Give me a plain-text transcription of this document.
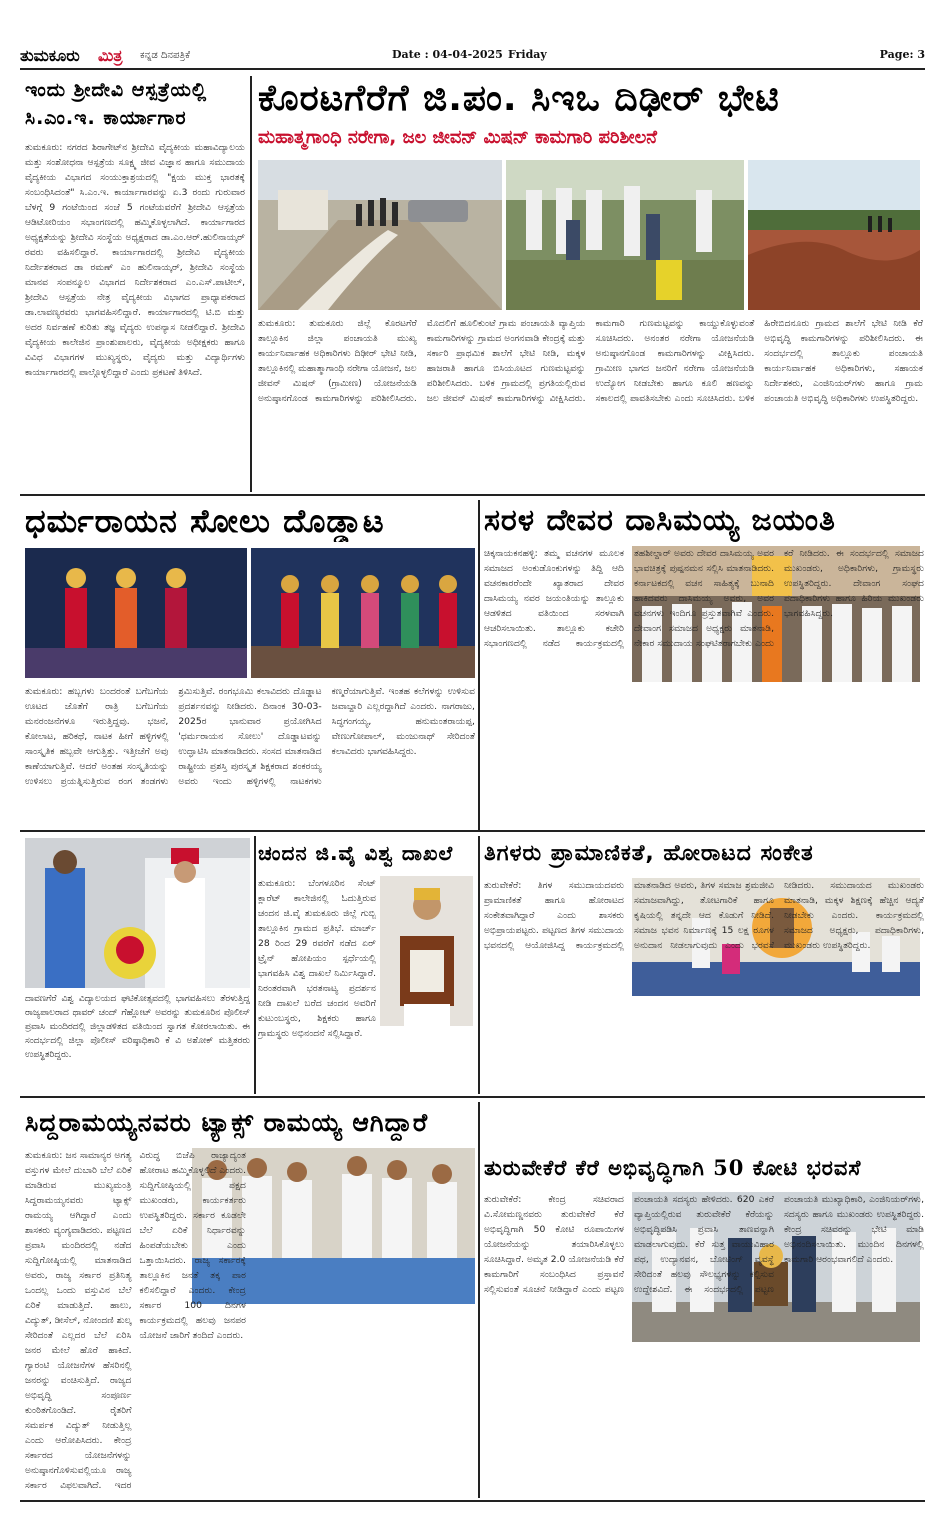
ತುಮಕೂರು ಮಿತ್ರ ಕನ್ನಡ ದಿನಪತ್ರಿಕೆ	Date : 04-04-2025 Friday	Page: 3
ಇಂದು ಶ್ರೀದೇವಿ ಆಸ್ಪತ್ರೆಯಲ್ಲಿ ಸಿ.ಎಂ.ಇ. ಕಾರ್ಯಾಗಾರ
ತುಮಕೂರು: ನಗರದ ಶಿರಾಗೇಟ್‌ನ ಶ್ರೀದೇವಿ ವೈದ್ಯಕೀಯ ಮಹಾವಿದ್ಯಾಲಯ ಮತ್ತು ಸಂಶೋಧನಾ ಆಸ್ಪತ್ರೆಯ ಸೂಕ್ಷ್ಮ ಜೀವ ವಿಜ್ಞಾನ ಹಾಗೂ ಸಮುದಾಯ ವೈದ್ಯಕೀಯ ವಿಭಾಗದ ಸಂಯುಕ್ತಾಶ್ರಯದಲ್ಲಿ "ಕ್ಷಯ ಮುಕ್ತ ಭಾರತಕ್ಕೆ ಸಂಬಂಧಿಸಿದಂತೆ" ಸಿ.ಎಂ.ಇ. ಕಾರ್ಯಾಗಾರವನ್ನು ಏ.3 ರಂದು ಗುರುವಾರ ಬೆಳಗ್ಗೆ 9 ಗಂಟೆಯಿಂದ ಸಂಜೆ 5 ಗಂಟೆಯವರೆಗೆ ಶ್ರೀದೇವಿ ಆಸ್ಪತ್ರೆಯ ಆಡಿಟೋರಿಯಂ ಸಭಾಂಗಣದಲ್ಲಿ ಹಮ್ಮಿಕೊಳ್ಳಲಾಗಿದೆ. ಕಾರ್ಯಾಗಾರದ ಅಧ್ಯಕ್ಷತೆಯನ್ನು ಶ್ರೀದೇವಿ ಸಂಸ್ಥೆಯ ಅಧ್ಯಕ್ಷರಾದ ಡಾ.ಎಂ.ಆರ್.ಹುಲಿನಾಯ್ಕರ್ ರವರು ವಹಿಸಲಿದ್ದಾರೆ. ಕಾರ್ಯಾಗಾರದಲ್ಲಿ ಶ್ರೀದೇವಿ ವೈದ್ಯಕೀಯ ನಿರ್ದೇಶಕರಾದ ಡಾ ರಮಣ್ ಎಂ ಹುಲಿನಾಯ್ಕರ್, ಶ್ರೀದೇವಿ ಸಂಸ್ಥೆಯ ಮಾನವ ಸಂಪನ್ಮೂಲ ವಿಭಾಗದ ನಿರ್ದೇಶಕರಾದ ಎಂ.ಎಸ್.ಪಾಟೀಲ್, ಶ್ರೀದೇವಿ ಆಸ್ಪತ್ರೆಯ ನೇತ್ರ ವೈದ್ಯಕೀಯ ವಿಭಾಗದ ಪ್ರಾಧ್ಯಾಪಕರಾದ ಡಾ.ಲಾವಣ್ಯರವರು ಭಾಗವಹಿಸಲಿದ್ದಾರೆ. ಕಾರ್ಯಾಗಾರದಲ್ಲಿ ಟಿ.ಬಿ ಮತ್ತು ಅದರ ನಿರ್ವಹಣೆ ಕುರಿತು ತಜ್ಞ ವೈದ್ಯರು ಉಪನ್ಯಾಸ ನೀಡಲಿದ್ದಾರೆ. ಶ್ರೀದೇವಿ ವೈದ್ಯಕೀಯ ಕಾಲೇಜಿನ ಪ್ರಾಂಶುಪಾಲರು, ವೈದ್ಯಕೀಯ ಅಧೀಕ್ಷಕರು ಹಾಗೂ ವಿವಿಧ ವಿಭಾಗಗಳ ಮುಖ್ಯಸ್ಥರು, ವೈದ್ಯರು ಮತ್ತು ವಿದ್ಯಾರ್ಥಿಗಳು ಕಾರ್ಯಾಗಾರದಲ್ಲಿ ಪಾಲ್ಗೊಳ್ಳಲಿದ್ದಾರೆ ಎಂದು ಪ್ರಕಟಣೆ ತಿಳಿಸಿದೆ.
ಕೊರಟಗೆರೆಗೆ ಜಿ.ಪಂ. ಸಿಇಒ ದಿಢೀರ್ ಭೇಟಿ
ಮಹಾತ್ಮಗಾಂಧಿ ನರೇಗಾ, ಜಲ ಜೀವನ್ ಮಿಷನ್ ಕಾಮಗಾರಿ ಪರಿಶೀಲನೆ
ತುಮಕೂರು: ತುಮಕೂರು ಜಿಲ್ಲೆ ಕೊರಟಗೆರೆ ತಾಲ್ಲೂಕಿನ ಜಿಲ್ಲಾ ಪಂಚಾಯತಿ ಮುಖ್ಯ ಕಾರ್ಯನಿರ್ವಾಹಕ ಅಧಿಕಾರಿಗಳು ದಿಢೀರ್ ಭೇಟಿ ನೀಡಿ, ತಾಲ್ಲೂಕಿನಲ್ಲಿ ಮಹಾತ್ಮಾಗಾಂಧಿ ನರೇಗಾ ಯೋಜನೆ, ಜಲ ಜೀವನ್ ಮಿಷನ್ (ಗ್ರಾಮೀಣ) ಯೋಜನೆಯಡಿ ಅನುಷ್ಠಾನಗೊಂಡ ಕಾಮಗಾರಿಗಳನ್ನು ಪರಿಶೀಲಿಸಿದರು. ಮೊದಲಿಗೆ ಹೂಲಿಕುಂಟೆ ಗ್ರಾಮ ಪಂಚಾಯತಿ ವ್ಯಾಪ್ತಿಯ ಕಾಮಗಾರಿಗಳನ್ನು ಗ್ರಾಮದ ಅಂಗನವಾಡಿ ಕೇಂದ್ರಕ್ಕೆ ಮತ್ತು ಸರ್ಕಾರಿ ಪ್ರಾಥಮಿಕ ಶಾಲೆಗೆ ಭೇಟಿ ನೀಡಿ, ಮಕ್ಕಳ ಹಾಜರಾತಿ ಹಾಗೂ ಬಿಸಿಯೂಟದ ಗುಣಮಟ್ಟವನ್ನು ಪರಿಶೀಲಿಸಿದರು. ಬಳಿಕ ಗ್ರಾಮದಲ್ಲಿ ಪ್ರಗತಿಯಲ್ಲಿರುವ ಜಲ ಜೀವನ್ ಮಿಷನ್ ಕಾಮಗಾರಿಗಳನ್ನು ವೀಕ್ಷಿಸಿದರು. ಕಾಮಗಾರಿ ಗುಣಮಟ್ಟವನ್ನು ಕಾಯ್ದುಕೊಳ್ಳುವಂತೆ ಸೂಚಿಸಿದರು. ಅನಂತರ ನರೇಗಾ ಯೋಜನೆಯಡಿ ಅನುಷ್ಠಾನಗೊಂಡ ಕಾಮಗಾರಿಗಳನ್ನು ವೀಕ್ಷಿಸಿದರು. ಗ್ರಾಮೀಣ ಭಾಗದ ಜನರಿಗೆ ನರೇಗಾ ಯೋಜನೆಯಡಿ ಉದ್ಯೋಗ ನೀಡಬೇಕು ಹಾಗೂ ಕೂಲಿ ಹಣವನ್ನು ಸಕಾಲದಲ್ಲಿ ಪಾವತಿಸಬೇಕು ಎಂದು ಸೂಚಿಸಿದರು. ಬಳಿಕ ಹಿರೇಬಿದನೂರು ಗ್ರಾಮದ ಶಾಲೆಗೆ ಭೇಟಿ ನೀಡಿ ಕೆರೆ ಅಭಿವೃದ್ಧಿ ಕಾಮಗಾರಿಗಳನ್ನು ಪರಿಶೀಲಿಸಿದರು. ಈ ಸಂದರ್ಭದಲ್ಲಿ ತಾಲ್ಲೂಕು ಪಂಚಾಯತಿ ಕಾರ್ಯನಿರ್ವಾಹಕ ಅಧಿಕಾರಿಗಳು, ಸಹಾಯಕ ನಿರ್ದೇಶಕರು, ಎಂಜಿನಿಯರ್‌ಗಳು ಹಾಗೂ ಗ್ರಾಮ ಪಂಚಾಯತಿ ಅಭಿವೃದ್ಧಿ ಅಧಿಕಾರಿಗಳು ಉಪಸ್ಥಿತರಿದ್ದರು.
ಧರ್ಮರಾಯನ ಸೋಲು ದೊಡ್ಡಾಟ
ತುಮಕೂರು: ಹಬ್ಬಗಳು ಬಂದರಂತೆ ಬಗೆಬಗೆಯ ಊಟದ ಜೊತೆಗೆ ರಾತ್ರಿ ಬಗೆಬಗೆಯ ಮನರಂಜನೆಗಳೂ ಇರುತ್ತಿದ್ದವು. ಭಜನೆ, ಕೋಲಾಟ, ಹರಿಕಥೆ, ನಾಟಕ ಹೀಗೆ ಹಳ್ಳಿಗಳಲ್ಲಿ ಸಾಂಸ್ಕೃತಿಕ ಹಬ್ಬವೇ ಆಗುತ್ತಿತ್ತು. ಇತ್ತೀಚೆಗೆ ಅವು ಕಾಣೆಯಾಗುತ್ತಿವೆ. ಆದರೆ ಅಂತಹ ಸಂಸ್ಕೃತಿಯನ್ನು ಉಳಿಸಲು ಪ್ರಯತ್ನಿಸುತ್ತಿರುವ ರಂಗ ತಂಡಗಳು ಶ್ರಮಿಸುತ್ತಿವೆ. ರಂಗಭೂಮಿ ಕಲಾವಿದರು ದೊಡ್ಡಾಟ ಪ್ರದರ್ಶನವನ್ನು ನೀಡಿದರು. ದಿನಾಂಕ 30-03-2025ರ ಭಾನುವಾರ ಪ್ರಯೋಗಿಸಿದ 'ಧರ್ಮರಾಯನ ಸೋಲು' ದೊಡ್ಡಾಟವನ್ನು ಉದ್ಘಾಟಿಸಿ ಮಾತನಾಡಿದರು. ಸಂಸದ ಮಾತನಾಡಿದ ರಾಷ್ಟ್ರೀಯ ಪ್ರಶಸ್ತಿ ಪುರಸ್ಕೃತ ಶಿಕ್ಷಕರಾದ ಶಂಕರಯ್ಯ ಅವರು ಇಂದು ಹಳ್ಳಿಗಳಲ್ಲಿ ನಾಟಕಗಳು ಕಣ್ಮರೆಯಾಗುತ್ತಿವೆ. ಇಂತಹ ಕಲೆಗಳನ್ನು ಉಳಿಸುವ ಜವಾಬ್ದಾರಿ ಎಲ್ಲರದ್ದಾಗಿದೆ ಎಂದರು. ನಾಗರಾಜು, ಸಿದ್ಧಗಂಗಯ್ಯ, ಹನುಮಂತರಾಯಪ್ಪ, ವೇಣುಗೋಪಾಲ್, ಮಂಜುನಾಥ್ ಸೇರಿದಂತೆ ಕಲಾವಿದರು ಭಾಗವಹಿಸಿದ್ದರು.
ಸರಳ ದೇವರ ದಾಸಿಮಯ್ಯ ಜಯಂತಿ
ಚಿಕ್ಕನಾಯಕನಹಳ್ಳಿ: ತಮ್ಮ ವಚನಗಳ ಮೂಲಕ ಸಮಾಜದ ಅಂಕುಡೊಂಕುಗಳನ್ನು ತಿದ್ದಿ ಆದಿ ವಚನಕಾರರೆಂದೇ ಖ್ಯಾತರಾದ ದೇವರ ದಾಸಿಮಯ್ಯ ನವರ ಜಯಂತಿಯನ್ನು ತಾಲ್ಲೂಕು ಆಡಳಿತದ ವತಿಯಿಂದ ಸರಳವಾಗಿ ಆಚರಿಸಲಾಯಿತು. ತಾಲ್ಲೂಕು ಕಚೇರಿ ಸಭಾಂಗಣದಲ್ಲಿ ನಡೆದ ಕಾರ್ಯಕ್ರಮದಲ್ಲಿ ತಹಶೀಲ್ದಾರ್ ಅವರು ದೇವರ ದಾಸಿಮಯ್ಯ ಅವರ ಭಾವಚಿತ್ರಕ್ಕೆ ಪುಷ್ಪನಮನ ಸಲ್ಲಿಸಿ ಮಾತನಾಡಿದರು. ಕರ್ನಾಟಕದಲ್ಲಿ ವಚನ ಸಾಹಿತ್ಯಕ್ಕೆ ಬುನಾದಿ ಹಾಕಿದವರು ದಾಸಿಮಯ್ಯ ಅವರು, ಅವರ ವಚನಗಳು ಇಂದಿಗೂ ಪ್ರಸ್ತುತವಾಗಿವೆ ಎಂದರು. ದೇವಾಂಗ ಸಮಾಜದ ಅಧ್ಯಕ್ಷರು ಮಾತನಾಡಿ, ನೇಕಾರ ಸಮುದಾಯ ಸಂಘಟಿತರಾಗಬೇಕು ಎಂದು ಕರೆ ನೀಡಿದರು. ಈ ಸಂದರ್ಭದಲ್ಲಿ ಸಮಾಜದ ಮುಖಂಡರು, ಅಧಿಕಾರಿಗಳು, ಗ್ರಾಮಸ್ಥರು ಉಪಸ್ಥಿತರಿದ್ದರು. ದೇವಾಂಗ ಸಂಘದ ಪದಾಧಿಕಾರಿಗಳು ಹಾಗೂ ಹಿರಿಯ ಮುಖಂಡರು ಭಾಗವಹಿಸಿದ್ದರು.
ದಾವಣಗೆರೆ ವಿಶ್ವ ವಿದ್ಯಾಲಯದ ಘಟಿಕೋತ್ಸವದಲ್ಲಿ ಭಾಗವಹಿಸಲು ತೆರಳುತ್ತಿದ್ದ ರಾಜ್ಯಪಾಲರಾದ ಥಾವರ್ ಚಂದ್ ಗೆಹ್ಲೋಟ್ ಅವರನ್ನು ತುಮಕೂರಿನ ಪೊಲೀಸ್ ಪ್ರವಾಸಿ ಮಂದಿರದಲ್ಲಿ ಜಿಲ್ಲಾಡಳಿತದ ವತಿಯಿಂದ ಸ್ವಾಗತ ಕೋರಲಾಯಿತು. ಈ ಸಂದರ್ಭದಲ್ಲಿ ಜಿಲ್ಲಾ ಪೊಲೀಸ್ ವರಿಷ್ಠಾಧಿಕಾರಿ ಕೆ ವಿ ಅಶೋಕ್ ಮತ್ತಿತರರು ಉಪಸ್ಥಿತರಿದ್ದರು.
ಚಂದನ ಜಿ.ವೈ ವಿಶ್ವ ದಾಖಲೆ
ತುಮಕೂರು: ಬೆಂಗಳೂರಿನ ಸೆಂಟ್ ಕ್ಲಾರೆಟ್ ಕಾಲೇಜಿನಲ್ಲಿ ಓದುತ್ತಿರುವ ಚಂದನ ಜಿ.ವೈ ತುಮಕೂರು ಜಿಲ್ಲೆ ಗುಬ್ಬಿ ತಾಲ್ಲೂಕಿನ ಗ್ರಾಮದ ಪ್ರತಿಭೆ. ಮಾರ್ಚ್ 28 ರಿಂದ 29 ರವರೆಗೆ ನಡೆದ ಏರ್ ಟ್ರೈನ್ ಹೋಪಿಯಂ ಸ್ಪರ್ಧೆಯಲ್ಲಿ ಭಾಗವಹಿಸಿ ವಿಶ್ವ ದಾಖಲೆ ನಿರ್ಮಿಸಿದ್ದಾರೆ. ನಿರಂತರವಾಗಿ ಭರತನಾಟ್ಯ ಪ್ರದರ್ಶನ ನೀಡಿ ದಾಖಲೆ ಬರೆದ ಚಂದನ ಅವರಿಗೆ ಕುಟುಂಬಸ್ಥರು, ಶಿಕ್ಷಕರು ಹಾಗೂ ಗ್ರಾಮಸ್ಥರು ಅಭಿನಂದನೆ ಸಲ್ಲಿಸಿದ್ದಾರೆ.
ತಿಗಳರು ಪ್ರಾಮಾಣಿಕತೆ, ಹೋರಾಟದ ಸಂಕೇತ
ತುರುವೇಕೆರೆ: ತಿಗಳ ಸಮುದಾಯದವರು ಪ್ರಾಮಾಣಿಕತೆ ಹಾಗೂ ಹೋರಾಟದ ಸಂಕೇತವಾಗಿದ್ದಾರೆ ಎಂದು ಶಾಸಕರು ಅಭಿಪ್ರಾಯಪಟ್ಟರು. ಪಟ್ಟಣದ ತಿಗಳ ಸಮುದಾಯ ಭವನದಲ್ಲಿ ಆಯೋಜಿಸಿದ್ದ ಕಾರ್ಯಕ್ರಮದಲ್ಲಿ ಮಾತನಾಡಿದ ಅವರು, ತಿಗಳ ಸಮಾಜ ಶ್ರಮಜೀವಿ ಸಮಾಜವಾಗಿದ್ದು, ತೋಟಗಾರಿಕೆ ಹಾಗೂ ಕೃಷಿಯಲ್ಲಿ ತನ್ನದೇ ಆದ ಕೊಡುಗೆ ನೀಡಿದೆ. ಸಮಾಜ ಭವನ ನಿರ್ಮಾಣಕ್ಕೆ 15 ಲಕ್ಷ ರೂಗಳ ಅನುದಾನ ನೀಡಲಾಗುವುದು ಎಂದು ಭರವಸೆ ನೀಡಿದರು. ಸಮುದಾಯದ ಮುಖಂಡರು ಮಾತನಾಡಿ, ಮಕ್ಕಳ ಶಿಕ್ಷಣಕ್ಕೆ ಹೆಚ್ಚಿನ ಆದ್ಯತೆ ನೀಡಬೇಕು ಎಂದರು. ಕಾರ್ಯಕ್ರಮದಲ್ಲಿ ಸಮಾಜದ ಅಧ್ಯಕ್ಷರು, ಪದಾಧಿಕಾರಿಗಳು, ಮುಖಂಡರು ಉಪಸ್ಥಿತರಿದ್ದರು.
ಸಿದ್ದರಾಮಯ್ಯನವರು ಟ್ಯಾಕ್ಸ್ ರಾಮಯ್ಯ ಆಗಿದ್ದಾರೆ
ತುಮಕೂರು: ಜನ ಸಾಮಾನ್ಯರ ಅಗತ್ಯ ವಸ್ತುಗಳ ಮೇಲೆ ದುಬಾರಿ ಬೆಲೆ ಏರಿಕೆ ಮಾಡಿರುವ ಮುಖ್ಯಮಂತ್ರಿ ಸಿದ್ದರಾಮಯ್ಯನವರು ಟ್ಯಾಕ್ಸ್ ರಾಮಯ್ಯ ಆಗಿದ್ದಾರೆ ಎಂದು ಶಾಸಕರು ವ್ಯಂಗ್ಯವಾಡಿದರು. ಪಟ್ಟಣದ ಪ್ರವಾಸಿ ಮಂದಿರದಲ್ಲಿ ನಡೆದ ಸುದ್ದಿಗೋಷ್ಠಿಯಲ್ಲಿ ಮಾತನಾಡಿದ ಅವರು, ರಾಜ್ಯ ಸರ್ಕಾರ ಪ್ರತಿನಿತ್ಯ ಒಂದಲ್ಲ ಒಂದು ವಸ್ತುವಿನ ಬೆಲೆ ಏರಿಕೆ ಮಾಡುತ್ತಿದೆ. ಹಾಲು, ವಿದ್ಯುತ್, ಡೀಸೆಲ್, ನೋಂದಣಿ ಶುಲ್ಕ ಸೇರಿದಂತೆ ಎಲ್ಲದರ ಬೆಲೆ ಏರಿಸಿ ಜನರ ಮೇಲೆ ಹೊರೆ ಹಾಕಿದೆ. ಗ್ಯಾರಂಟಿ ಯೋಜನೆಗಳ ಹೆಸರಿನಲ್ಲಿ ಜನರನ್ನು ವಂಚಿಸುತ್ತಿದೆ. ರಾಜ್ಯದ ಅಭಿವೃದ್ಧಿ ಸಂಪೂರ್ಣ ಕುಂಠಿತಗೊಂಡಿದೆ. ರೈತರಿಗೆ ಸಮರ್ಪಕ ವಿದ್ಯುತ್ ನೀಡುತ್ತಿಲ್ಲ ಎಂದು ಆರೋಪಿಸಿದರು. ಕೇಂದ್ರ ಸರ್ಕಾರದ ಯೋಜನೆಗಳನ್ನು ಅನುಷ್ಠಾನಗೊಳಿಸುವಲ್ಲಿಯೂ ರಾಜ್ಯ ಸರ್ಕಾರ ವಿಫಲವಾಗಿದೆ. ಇದರ ವಿರುದ್ಧ ಬಿಜೆಪಿ ರಾಜ್ಯಾದ್ಯಂತ ಹೋರಾಟ ಹಮ್ಮಿಕೊಳ್ಳಲಿದೆ ಎಂದರು. ಸುದ್ದಿಗೋಷ್ಠಿಯಲ್ಲಿ ಪಕ್ಷದ ಮುಖಂಡರು, ಕಾರ್ಯಕರ್ತರು ಉಪಸ್ಥಿತರಿದ್ದರು. ಸರ್ಕಾರ ಕೂಡಲೇ ಬೆಲೆ ಏರಿಕೆ ನಿರ್ಧಾರವನ್ನು ಹಿಂಪಡೆಯಬೇಕು ಎಂದು ಒತ್ತಾಯಿಸಿದರು. ರಾಜ್ಯ ಸರ್ಕಾರಕ್ಕೆ ತಾಲ್ಲೂಕಿನ ಜನತೆ ತಕ್ಕ ಪಾಠ ಕಲಿಸಲಿದ್ದಾರೆ ಎಂದರು. ಕೇಂದ್ರ ಸರ್ಕಾರ 100 ದಿನಗಳ ಕಾರ್ಯಕ್ರಮದಲ್ಲಿ ಹಲವು ಜನಪರ ಯೋಜನೆ ಜಾರಿಗೆ ತಂದಿದೆ ಎಂದರು.
ತುರುವೇಕೆರೆ ಕೆರೆ ಅಭಿವೃದ್ಧಿಗಾಗಿ 50 ಕೋಟಿ ಭರವಸೆ
ತುರುವೇಕೆರೆ: ಕೇಂದ್ರ ಸಚಿವರಾದ ವಿ.ಸೋಮಣ್ಣನವರು ತುರುವೇಕೆರೆ ಕೆರೆ ಅಭಿವೃದ್ಧಿಗಾಗಿ 50 ಕೋಟಿ ರೂಪಾಯಿಗಳ ಯೋಜನೆಯನ್ನು ತಯಾರಿಸಿಕೊಳ್ಳಲು ಸೂಚಿಸಿದ್ದಾರೆ. ಅಮೃತ 2.0 ಯೋಜನೆಯಡಿ ಕೆರೆ ಕಾಮಗಾರಿಗೆ ಸಂಬಂಧಿಸಿದ ಪ್ರಸ್ತಾವನೆ ಸಲ್ಲಿಸುವಂತೆ ಸೂಚನೆ ನೀಡಿದ್ದಾರೆ ಎಂದು ಪಟ್ಟಣ ಪಂಚಾಯತಿ ಸದಸ್ಯರು ಹೇಳಿದರು. 620 ಎಕರೆ ವ್ಯಾಪ್ತಿಯಲ್ಲಿರುವ ತುರುವೇಕೆರೆ ಕೆರೆಯನ್ನು ಅಭಿವೃದ್ಧಿಪಡಿಸಿ ಪ್ರವಾಸಿ ತಾಣವನ್ನಾಗಿ ಮಾಡಲಾಗುವುದು. ಕೆರೆ ಸುತ್ತ ವಾಯುವಿಹಾರ ಪಥ, ಉದ್ಯಾನವನ, ಬೋಟಿಂಗ್ ವ್ಯವಸ್ಥೆ ಸೇರಿದಂತೆ ಹಲವು ಸೌಲಭ್ಯಗಳನ್ನು ಕಲ್ಪಿಸುವ ಉದ್ದೇಶವಿದೆ. ಈ ಸಂದರ್ಭದಲ್ಲಿ ಪಟ್ಟಣ ಪಂಚಾಯತಿ ಮುಖ್ಯಾಧಿಕಾರಿ, ಎಂಜಿನಿಯರ್‌ಗಳು, ಸದಸ್ಯರು ಹಾಗೂ ಮುಖಂಡರು ಉಪಸ್ಥಿತರಿದ್ದರು. ಕೇಂದ್ರ ಸಚಿವರನ್ನು ಭೇಟಿ ಮಾಡಿ ಅಭಿನಂದಿಸಲಾಯಿತು. ಮುಂದಿನ ದಿನಗಳಲ್ಲಿ ಕಾಮಗಾರಿ ಆರಂಭವಾಗಲಿದೆ ಎಂದರು.
